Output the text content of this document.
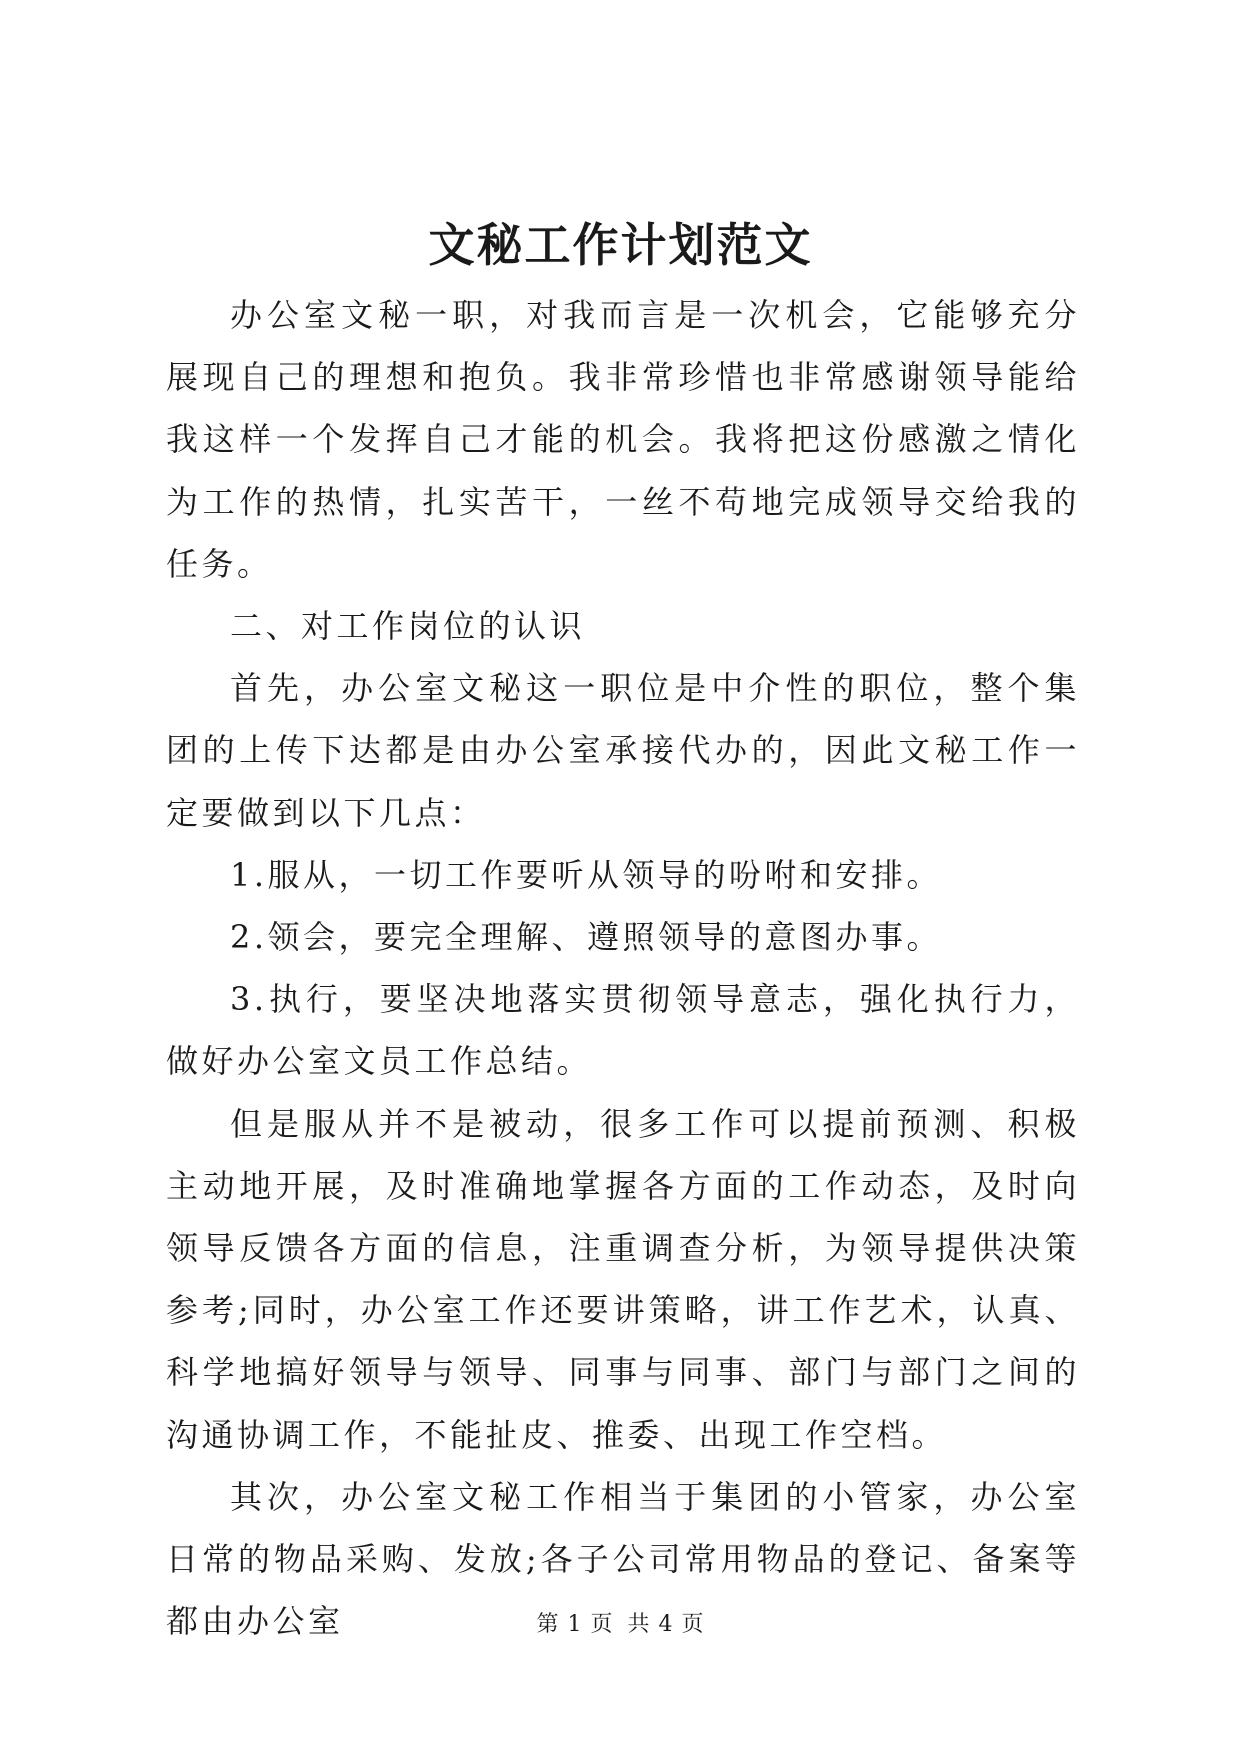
文秘工作计划范文

办公室文秘一职，对我而言是一次机会，它能够充分展现自己的理想和抱负。我非常珍惜也非常感谢领导能给我这样一个发挥自己才能的机会。我将把这份感激之情化为工作的热情，扎实苦干，一丝不苟地完成领导交给我的任务。

二、对工作岗位的认识

首先，办公室文秘这一职位是中介性的职位，整个集团的上传下达都是由办公室承接代办的，因此文秘工作一定要做到以下几点：

1.服从，一切工作要听从领导的吩咐和安排。

2.领会，要完全理解、遵照领导的意图办事。

3.执行，要坚决地落实贯彻领导意志，强化执行力，做好办公室文员工作总结。

但是服从并不是被动，很多工作可以提前预测、积极主动地开展，及时准确地掌握各方面的工作动态，及时向领导反馈各方面的信息，注重调查分析，为领导提供决策参考;同时，办公室工作还要讲策略，讲工作艺术，认真、科学地搞好领导与领导、同事与同事、部门与部门之间的沟通协调工作，不能扯皮、推委、出现工作空档。

其次，办公室文秘工作相当于集团的小管家，办公室日常的物品采购、发放;各子公司常用物品的登记、备案等都由办公室	第 1 页 共 4 页
